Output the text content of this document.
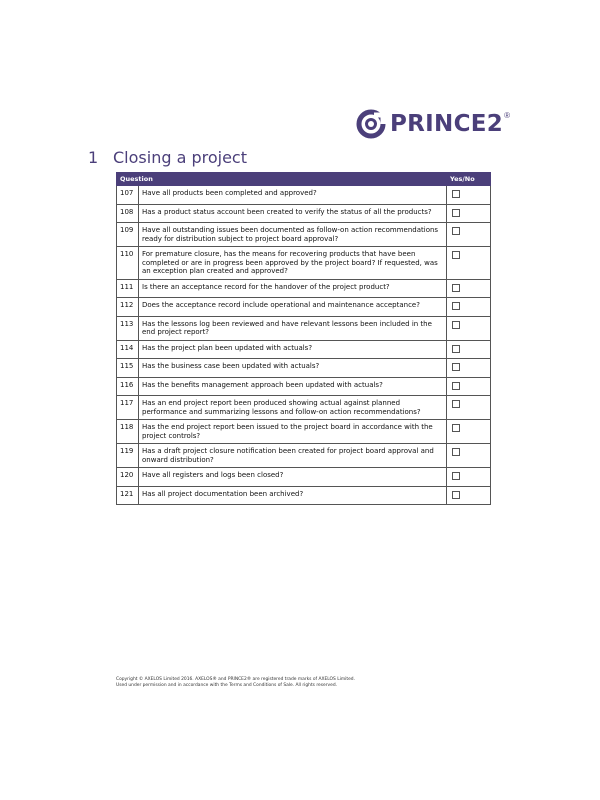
PRINCE2 ®
1 Closing a project
Question		Yes/No
107	Have all products been completed and approved?	
108	Has a product status account been created to verify the status of all the products?	
109	Have all outstanding issues been documented as follow-on action recommendations ready for distribution subject to project board approval?	
110	For premature closure, has the means for recovering products that have been completed or are in progress been approved by the project board? If requested, was an exception plan created and approved?	
111	Is there an acceptance record for the handover of the project product?	
112	Does the acceptance record include operational and maintenance acceptance?	
113	Has the lessons log been reviewed and have relevant lessons been included in the end project report?	
114	Has the project plan been updated with actuals?	
115	Has the business case been updated with actuals?	
116	Has the benefits management approach been updated with actuals?	
117	Has an end project report been produced showing actual against planned performance and summarizing lessons and follow-on action recommendations?	
118	Has the end project report been issued to the project board in accordance with the project controls?	
119	Has a draft project closure notification been created for project board approval and onward distribution?	
120	Have all registers and logs been closed?	
121	Has all project documentation been archived?	
Copyright © AXELOS Limited 2016. AXELOS® and PRINCE2® are registered trade marks of AXELOS Limited.
Used under permission and in accordance with the Terms and Conditions of Sale. All rights reserved.
